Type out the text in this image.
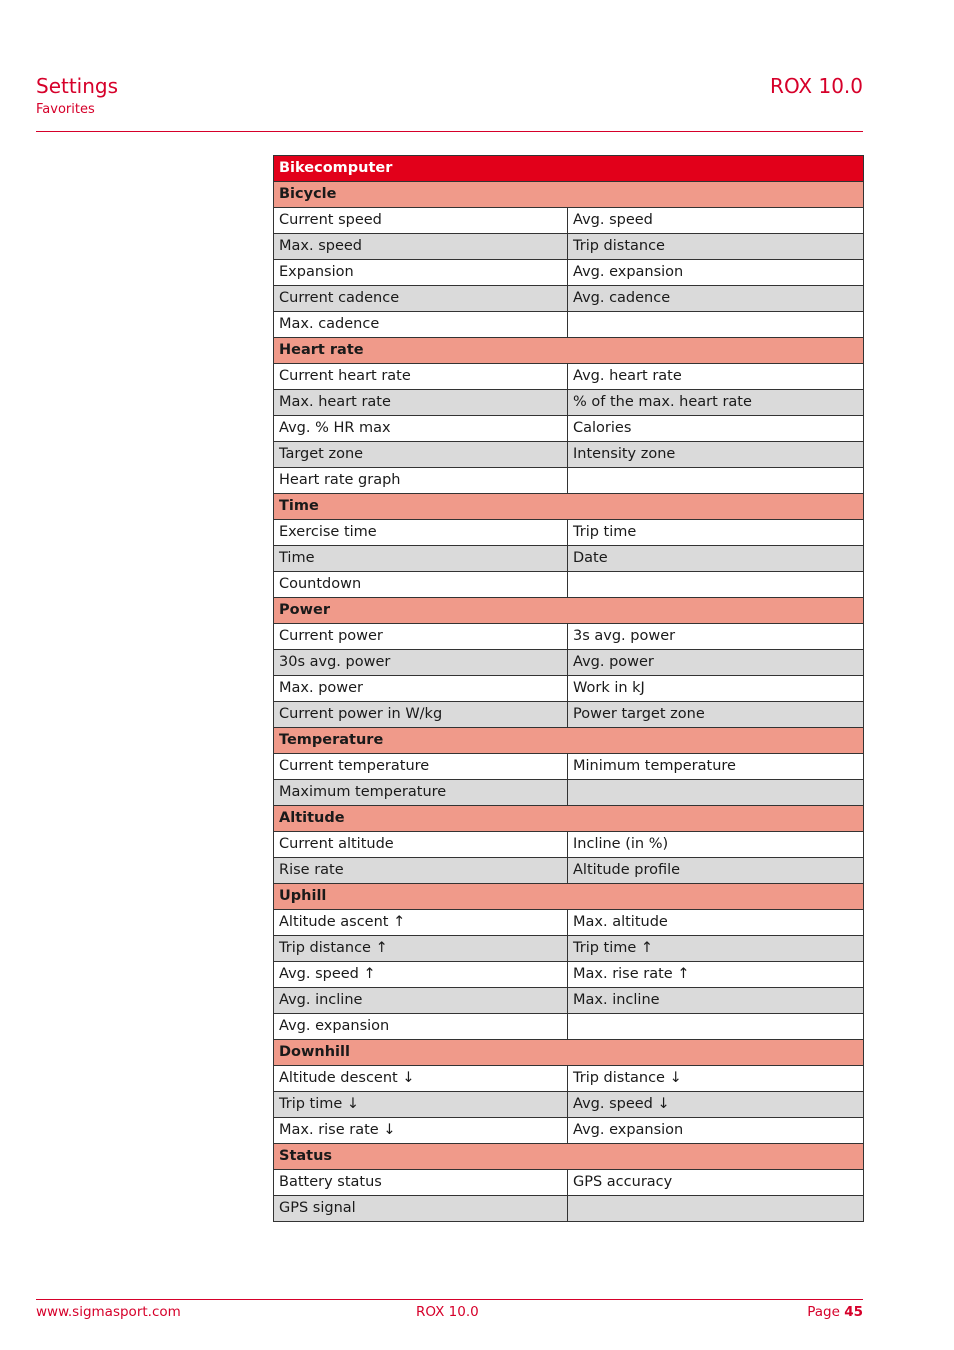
Settings
Favorites
ROX 10.0
Bikecomputer	
Bicycle	
Current speed	Avg. speed
Max. speed	Trip distance
Expansion	Avg. expansion
Current cadence	Avg. cadence
Max. cadence	
Heart rate	
Current heart rate	Avg. heart rate
Max. heart rate	% of the max. heart rate
Avg. % HR max	Calories
Target zone	Intensity zone
Heart rate graph	
Time	
Exercise time	Trip time
Time	Date
Countdown	
Power	
Current power	3s avg. power
30s avg. power	Avg. power
Max. power	Work in kJ
Current power in W/kg	Power target zone
Temperature	
Current temperature	Minimum temperature
Maximum temperature	
Altitude	
Current altitude	Incline (in %)
Rise rate	Altitude profile
Uphill	
Altitude ascent ↑	Max. altitude
Trip distance ↑	Trip time ↑
Avg. speed ↑	Max. rise rate ↑
Avg. incline	Max. incline
Avg. expansion	
Downhill	
Altitude descent ↓	Trip distance ↓
Trip time ↓	Avg. speed ↓
Max. rise rate ↓	Avg. expansion
Status	
Battery status	GPS accuracy
GPS signal	
www.sigmasport.com	ROX 10.0	Page 45
